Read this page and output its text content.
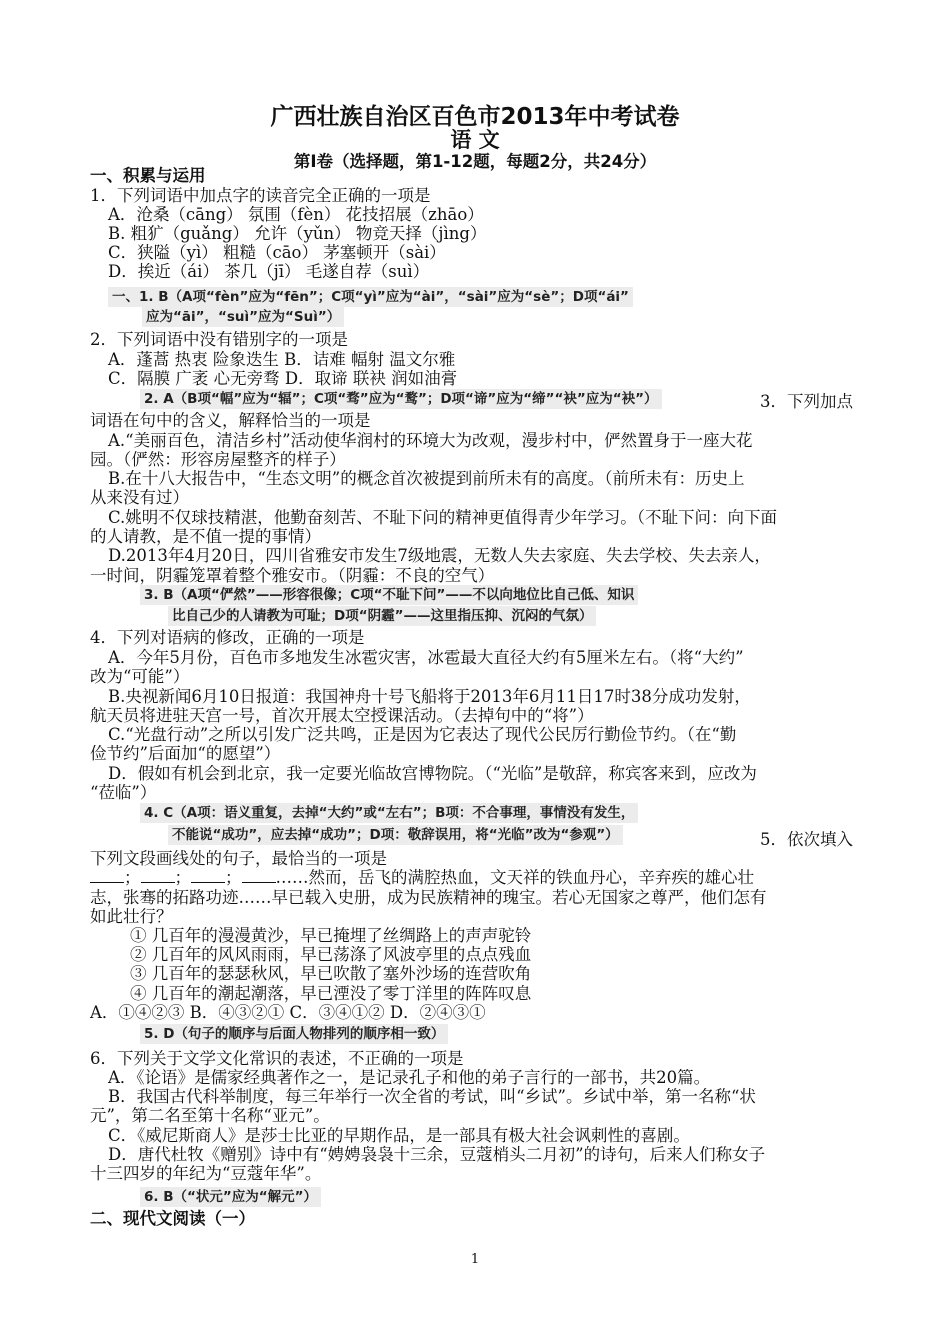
广西壮族自治区百色市2013年中考试卷
语 文
第Ⅰ卷（选择题，第1-12题，每题2分，共24分）
一、积累与运用
1．下列词语中加点字的读音完全正确的一项是
A．沧桑（cāng） 氛围（fèn） 花技招展（zhāo）
B. 粗犷（guǎng） 允许（yǔn） 物竞天择（jìng）
C．狭隘（yì） 粗糙（cāo） 茅塞顿开（sài）
D．挨近（ái） 茶几（jī） 毛遂自荐（suì）
一、1. B（A项“fèn”应为“fēn”；C项“yì”应为“ài”，“sài”应为“sè”；D项“ái”
应为“āi”，“suì”应为“Suì”）
2．下列词语中没有错别字的一项是
A．蓬蒿 热衷 险象迭生 B．诘难 幅射 温文尔雅
C．隔膜 广袤 心无旁骛 D．取谛 联袂 润如油膏
2. A（B项“幅”应为“辐”；C项“骛”应为“鹜”；D项“谛”应为“缔”“袂”应为“袂”）	3．下列加点
词语在句中的含义，解释恰当的一项是
A.“美丽百色，清洁乡村”活动使华润村的环境大为改观，漫步村中，俨然置身于一座大花
园。（俨然：形容房屋整齐的样子）
B.在十八大报告中，“生态文明”的概念首次被提到前所未有的高度。（前所未有：历史上
从来没有过）
C.姚明不仅球技精湛，他勤奋刻苦、不耻下问的精神更值得青少年学习。（不耻下问：向下面
的人请教，是不值一提的事情）
D.2013年4月20日，四川省雅安市发生7级地震，无数人失去家庭、失去学校、失去亲人，
一时间，阴霾笼罩着整个雅安市。（阴霾：不良的空气）
3. B（A项“俨然”——形容很像；C项“不耻下问”——不以向地位比自己低、知识
比自己少的人请教为可耻；D项“阴霾”——这里指压抑、沉闷的气氛）
4．下列对语病的修改，正确的一项是
A．今年5月份，百色市多地发生冰雹灾害，冰雹最大直径大约有5厘米左右。（将“大约”
改为“可能”）
B.央视新闻6月10日报道：我国神舟十号飞船将于2013年6月11日17时38分成功发射，
航天员将进驻天宫一号，首次开展太空授课活动。（去掉句中的“将”）
C.“光盘行动”之所以引发广泛共鸣，正是因为它表达了现代公民厉行勤俭节约。（在“勤
俭节约”后面加“的愿望”）
D．假如有机会到北京，我一定要光临故宫博物院。（“光临”是敬辞，称宾客来到，应改为
“莅临”）
4. C（A项：语义重复，去掉“大约”或“左右”；B项：不合事理，事情没有发生，
不能说“成功”，应去掉“成功”；D项：敬辞误用，将“光临”改为“参观”）	5．依次填入
下列文段画线处的句子，最恰当的一项是
； ； ； ……然而，岳飞的满腔热血，文天祥的铁血丹心，辛弃疾的雄心壮
志，张骞的拓路功迹……早已载入史册，成为民族精神的瑰宝。若心无国家之尊严，他们怎有
如此壮行？
① 几百年的漫漫黄沙，早已掩埋了丝绸路上的声声驼铃
② 几百年的风风雨雨，早已荡涤了风波亭里的点点残血
③ 几百年的瑟瑟秋风，早已吹散了塞外沙场的连营吹角
④ 几百年的潮起潮落，早已湮没了零丁洋里的阵阵叹息
A．①④②③ B．④③②① C．③④①② D．②④③①
5. D（句子的顺序与后面人物排列的顺序相一致）
6．下列关于文学文化常识的表述，不正确的一项是
A．《论语》是儒家经典著作之一，是记录孔子和他的弟子言行的一部书，共20篇。
B．我国古代科举制度，每三年举行一次全省的考试，叫“乡试”。乡试中举，第一名称“状
元”，第二名至第十名称“亚元”。
C．《威尼斯商人》是莎士比亚的早期作品，是一部具有极大社会讽刺性的喜剧。
D．唐代杜牧《赠别》诗中有“娉娉袅袅十三余，豆蔻梢头二月初”的诗句，后来人们称女子
十三四岁的年纪为“豆蔻年华”。
6. B（“状元”应为“解元”）
二、现代文阅读（一）
1
